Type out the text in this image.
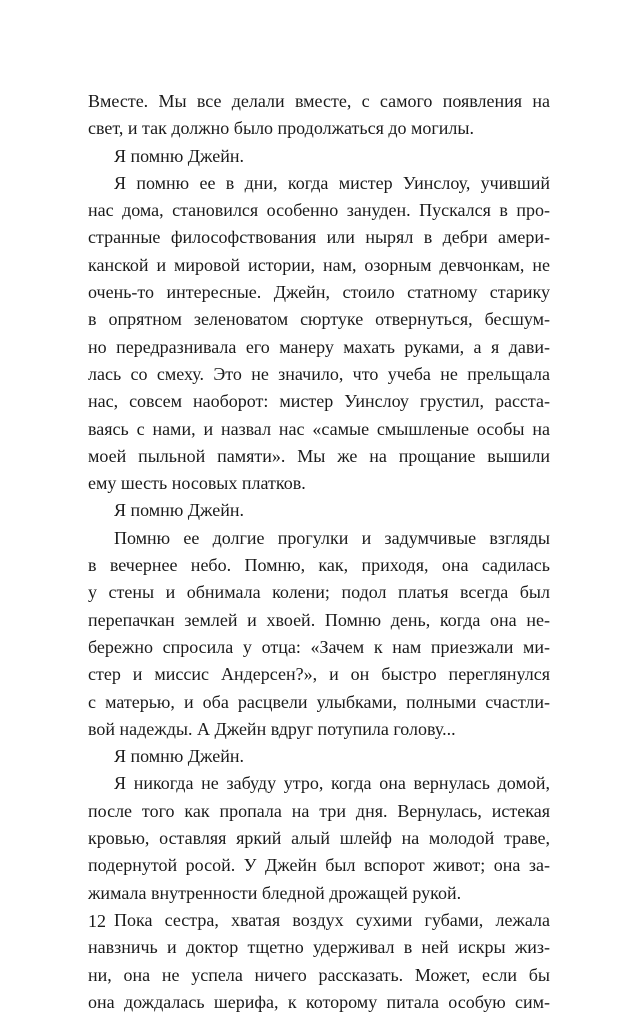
Вместе. Мы все делали вместе, с самого появления на
свет, и так должно было продолжаться до могилы.
Я помню Джейн.
Я помню ее в дни, когда мистер Уинслоу, учивший
нас дома, становился особенно зануден. Пускался в про-
странные философствования или нырял в дебри амери-
канской и мировой истории, нам, озорным девчонкам, не
очень-то интересные. Джейн, стоило статному старику
в опрятном зеленоватом сюртуке отвернуться, бесшум-
но передразнивала его манеру махать руками, а я дави-
лась со смеху. Это не значило, что учеба не прельщала
нас, совсем наоборот: мистер Уинслоу грустил, расста-
ваясь с нами, и назвал нас «самые смышленые особы на
моей пыльной памяти». Мы же на прощание вышили
ему шесть носовых платков.
Я помню Джейн.
Помню ее долгие прогулки и задумчивые взгляды
в вечернее небо. Помню, как, приходя, она садилась
у стены и обнимала колени; подол платья всегда был
перепачкан землей и хвоей. Помню день, когда она не-
бережно спросила у отца: «Зачем к нам приезжали ми-
стер и миссис Андерсен?», и он быстро переглянулся
с матерью, и оба расцвели улыбками, полными счастли-
вой надежды. А Джейн вдруг потупила голову...
Я помню Джейн.
Я никогда не забуду утро, когда она вернулась домой,
после того как пропала на три дня. Вернулась, истекая
кровью, оставляя яркий алый шлейф на молодой траве,
подернутой росой. У Джейн был вспорот живот; она за-
жимала внутренности бледной дрожащей рукой.
Пока сестра, хватая воздух сухими губами, лежала
навзничь и доктор тщетно удерживал в ней искры жиз-
ни, она не успела ничего рассказать. Может, если бы
она дождалась шерифа, к которому питала особую сим-
12
